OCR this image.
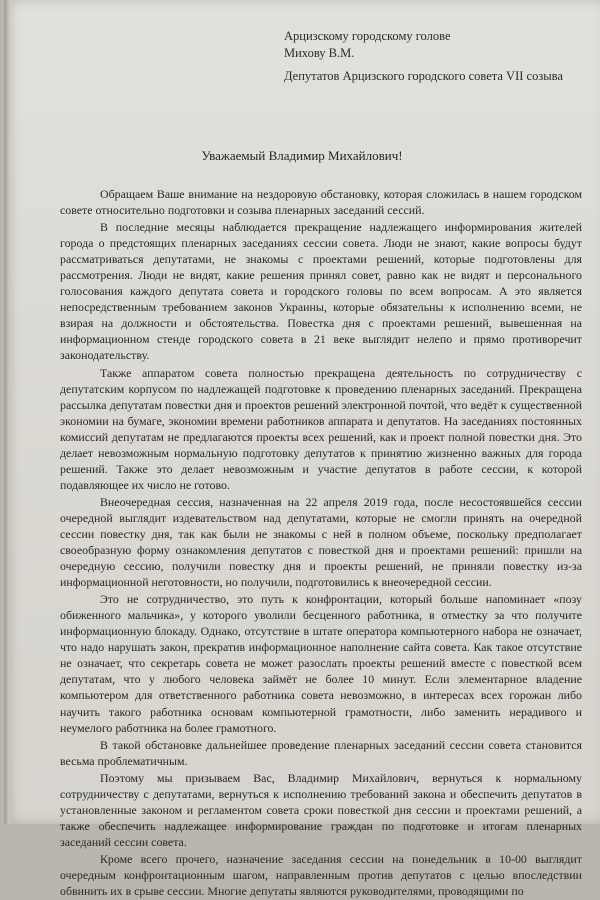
Арцизскому городскому голове
Михову В.М.
Депутатов Арцизского городского совета VII созыва
Уважаемый Владимир Михайлович!

Обращаем Ваше внимание на нездоровую обстановку, которая сложилась в нашем городском совете относительно подготовки и созыва пленарных заседаний сессий.

В последние месяцы наблюдается прекращение надлежащего информирования жителей города о предстоящих пленарных заседаниях сессии совета. Люди не знают, какие вопросы будут рассматриваться депутатами, не знакомы с проектами решений, которые подготовлены для рассмотрения. Люди не видят, какие решения принял совет, равно как не видят и персонального голосования каждого депутата совета и городского головы по всем вопросам. А это является непосредственным требованием законов Украины, которые обязательны к исполнению всеми, не взирая на должности и обстоятельства. Повестка дня с проектами решений, вывешенная на информационном стенде городского совета в 21 веке выглядит нелепо и прямо противоречит законодательству.

Также аппаратом совета полностью прекращена деятельность по сотрудничеству с депутатским корпусом по надлежащей подготовке к проведению пленарных заседаний. Прекращена рассылка депутатам повестки дня и проектов решений электронной почтой, что ведёт к существенной экономии на бумаге, экономии времени работников аппарата и депутатов. На заседаниях постоянных комиссий депутатам не предлагаются проекты всех решений, как и проект полной повестки дня. Это делает невозможным нормальную подготовку депутатов к принятию жизненно важных для города решений. Также это делает невозможным и участие депутатов в работе сессии, к которой подавляющее их число не готово.

Внеочередная сессия, назначенная на 22 апреля 2019 года, после несостоявшейся сессии очередной выглядит издевательством над депутатами, которые не смогли принять на очередной сессии повестку дня, так как были не знакомы с ней в полном объеме, поскольку предполагает своеобразную форму ознакомления депутатов с повесткой дня и проектами решений: пришли на очередную сессию, получили повестку дня и проекты решений, не приняли повестку из-за информационной неготовности, но получили, подготовились к внеочередной сессии.

Это не сотрудничество, это путь к конфронтации, который больше напоминает «позу обиженного мальчика», у которого уволили бесценного работника, в отместку за что получите информационную блокаду. Однако, отсутствие в штате оператора компьютерного набора не означает, что надо нарушать закон, прекратив информационное наполнение сайта совета. Как такое отсутствие не означает, что секретарь совета не может разослать проекты решений вместе с повесткой всем депутатам, что у любого человека займёт не более 10 минут. Если элементарное владение компьютером для ответственного работника совета невозможно, в интересах всех горожан либо научить такого работника основам компьютерной грамотности, либо заменить нерадивого и неумелого работника на более грамотного.

В такой обстановке дальнейшее проведение пленарных заседаний сессии совета становится весьма проблематичным.

Поэтому мы призываем Вас, Владимир Михайлович, вернуться к нормальному сотрудничеству с депутатами, вернуться к исполнению требований закона и обеспечить депутатов в установленные законом и регламентом совета сроки повесткой дня сессии и проектами решений, а также обеспечить надлежащее информирование граждан по подготовке и итогам пленарных заседаний сессии совета.

Кроме всего прочего, назначение заседания сессии на понедельник в 10-00 выглядит очередным конфронтационным шагом, направленным против депутатов с целью впоследствии обвинить их в срыве сессии. Многие депутаты являются руководителями, проводящими по
